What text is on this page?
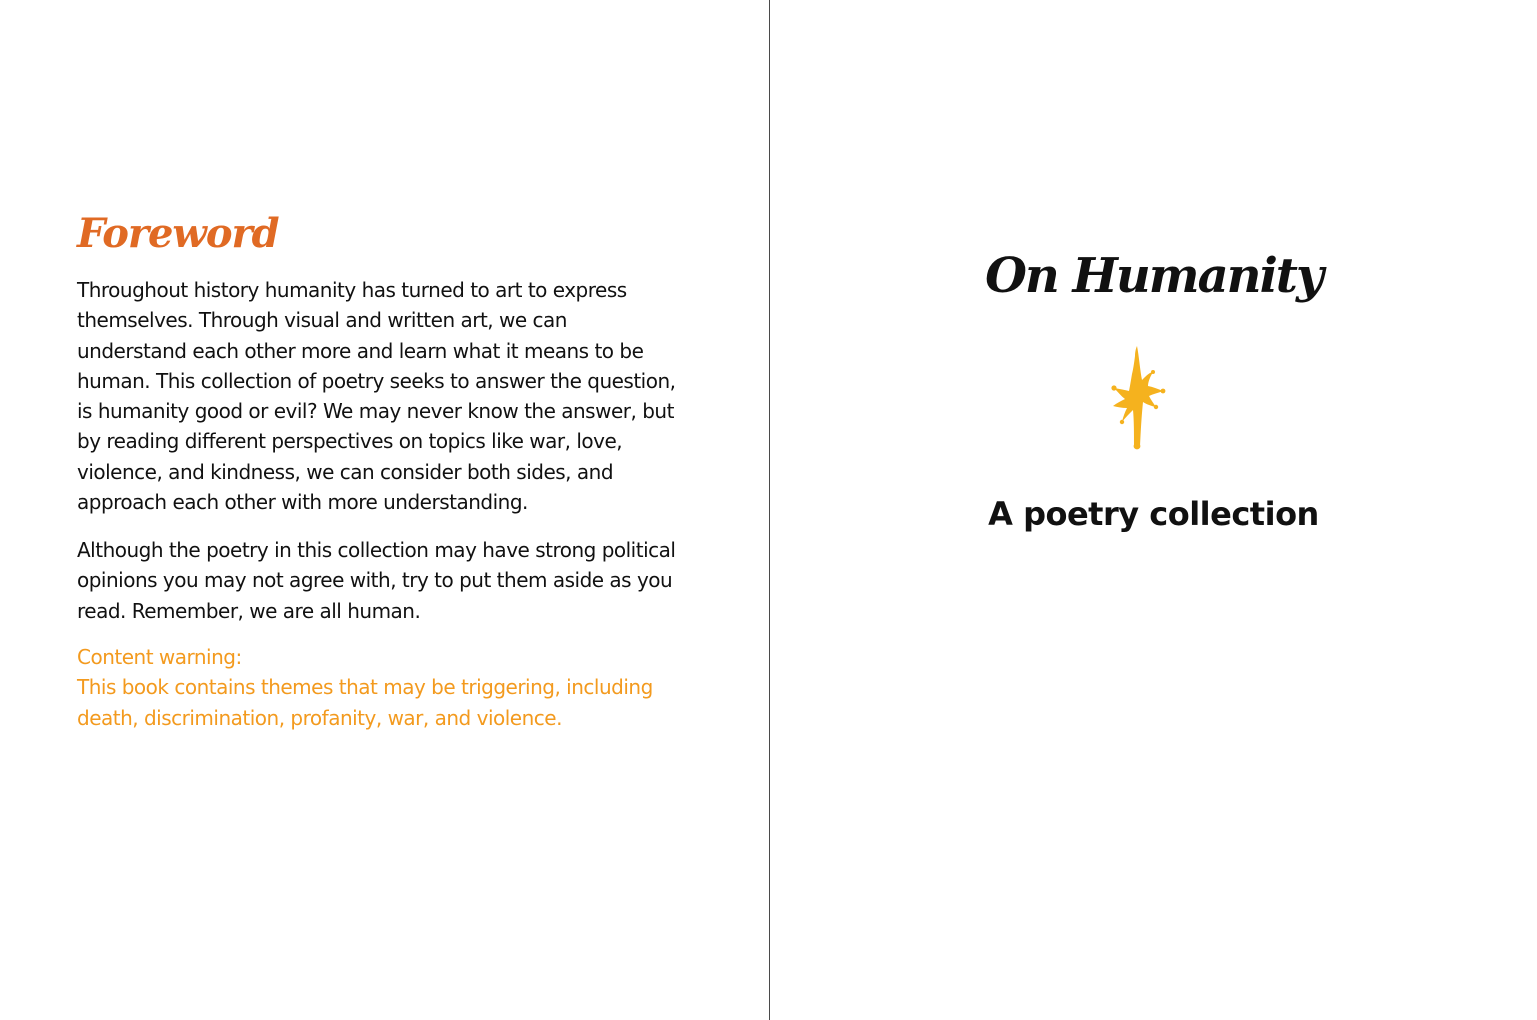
Foreword

Throughout history humanity has turned to art to express themselves. Through visual and written art, we can understand each other more and learn what it means to be human. This collection of poetry seeks to answer the question, is humanity good or evil? We may never know the answer, but by reading different perspectives on topics like war, love, violence, and kindness, we can consider both sides, and approach each other with more understanding.

Although the poetry in this collection may have strong political opinions you may not agree with, try to put them aside as you read. Remember, we are all human.

Content warning:

This book contains themes that may be triggering, including death, discrimination, profanity, war, and violence.

On Humanity
A poetry collection
